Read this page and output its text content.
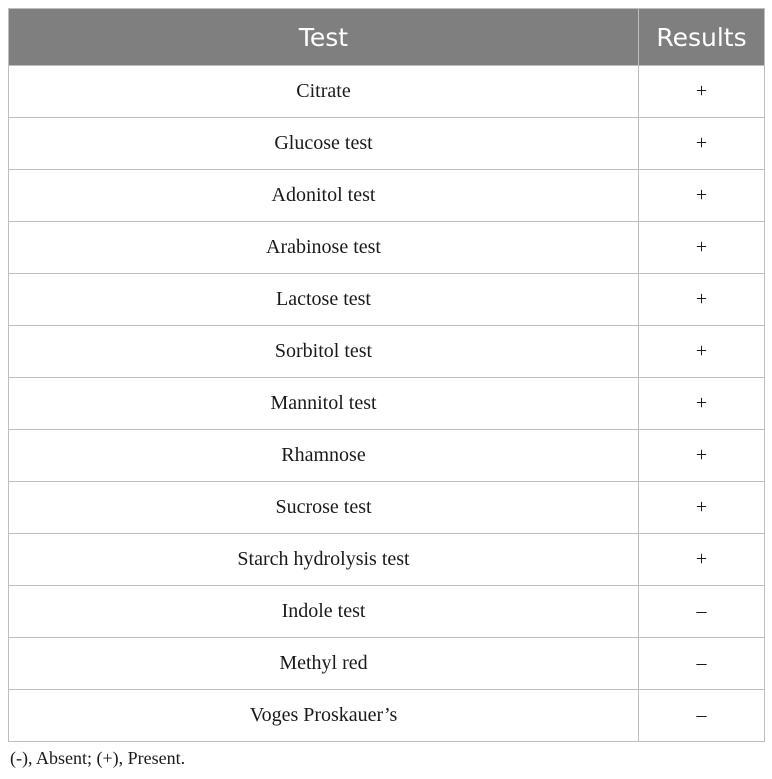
Test	Results
Citrate	+
Glucose test	+
Adonitol test	+
Arabinose test	+
Lactose test	+
Sorbitol test	+
Mannitol test	+
Rhamnose	+
Sucrose test	+
Starch hydrolysis test	+
Indole test	–
Methyl red	–
Voges Proskauer’s	–
(-), Absent; (+), Present.
